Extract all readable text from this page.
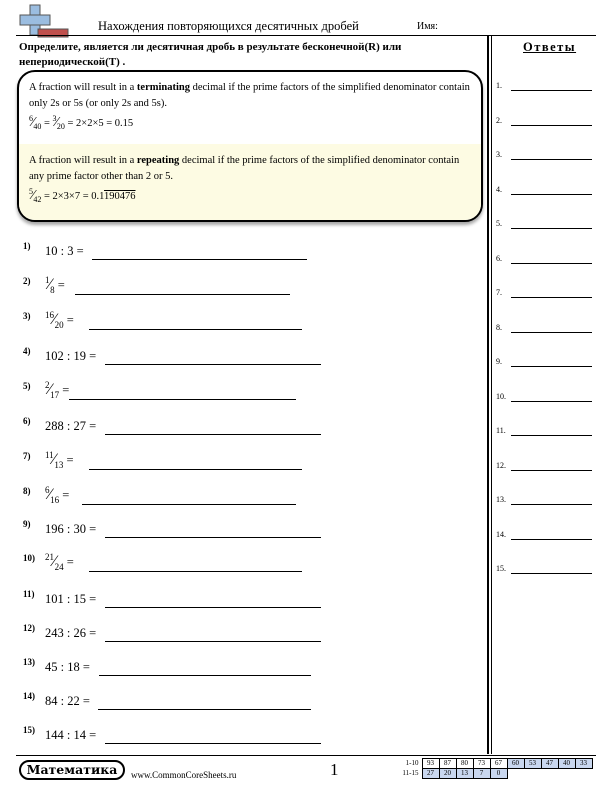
Нахождения повторяющихся десятичных дробей	Имя:
Определите, является ли десятичная дробь в результате бесконечной(R) или непериодической(T) .
A fraction will result in a terminating decimal if the prime factors of the simplified denominator contain only 2s or 5s (or only 2s and 5s).
$^6⁄_{40}$ = $^3⁄_{20} = 2\times 2\times 5 = 0.15$
A fraction will result in a repeating decimal if the prime factors of the simplified denominator contain any prime factor other than 2 or 5.
$^5⁄_{42} = 2\times 3\times 7 = 0.1190476$
1) 10 : 3 =
2) $^1⁄_8$ =
3) $^{16}⁄_{20}$ =
4) 102 : 19 =
5) $^2⁄_{17}$ =
6) 288 : 27 =
7) $^{11}⁄_{13}$ =
8) $^6⁄_{16}$ =
9) 196 : 30 =
10) $^{21}⁄_{24}$ =
11) 101 : 15 =
12) 243 : 26 =
13) 45 : 18 =
14) 84 : 22 =
15) 144 : 14 =
Ответы
1.
2.
3.
4.
5.
6.
7.
8.
9.
10.
11.
12.
13.
14.
15.
Математика	www.CommonCoreSheets.ru	1	1-10	93	87	80	73	67	60	53	47	40	33
11-15	27	20	13	7	0					
